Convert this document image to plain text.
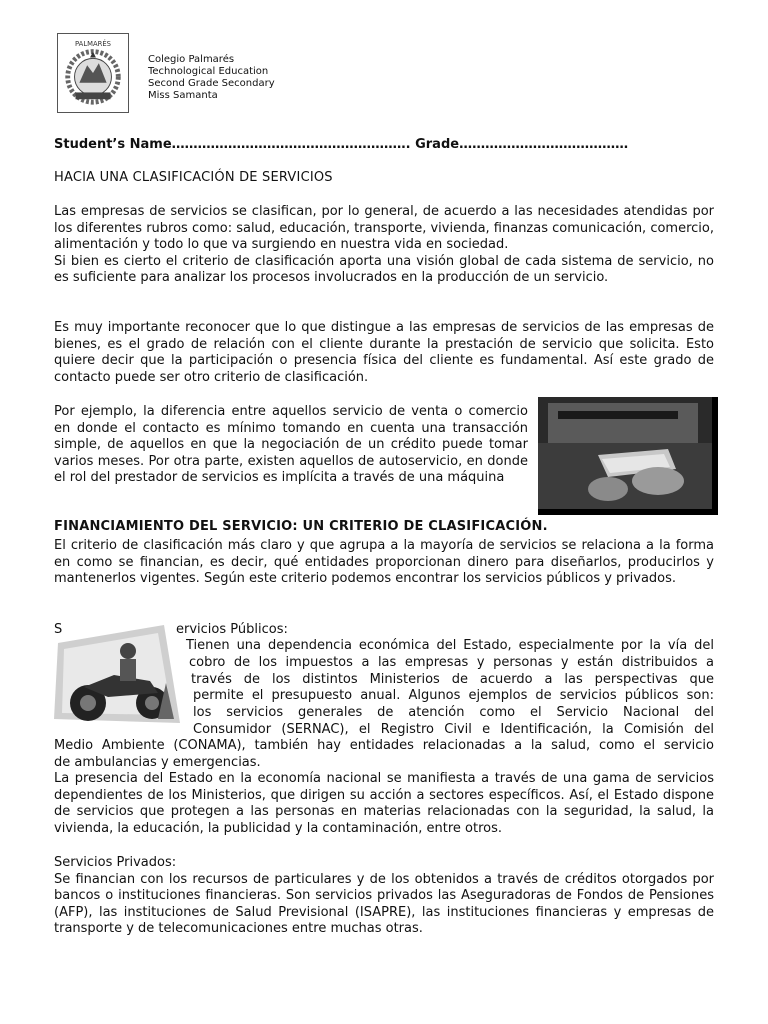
PALMARÉS
Colegio Palmarés
Technological Education
Second Grade Secondary
Miss Samanta
Student’s Name………………………………………………. Grade…………………………………
HACIA UNA CLASIFICACIÓN DE SERVICIOS

Las empresas de servicios se clasifican, por lo general, de acuerdo a las necesidades atendidas por los diferentes rubros como: salud, educación, transporte, vivienda, finanzas comunicación, comercio, alimentación y todo lo que va surgiendo en nuestra vida en sociedad.

Si bien es cierto el criterio de clasificación aporta una visión global de cada sistema de servicio, no es suficiente para analizar los procesos involucrados en la producción de un servicio.

Es muy importante reconocer que lo que distingue a las empresas de servicios de las empresas de bienes, es el grado de relación con el cliente durante la prestación de servicio que solicita. Esto quiere decir que la participación o presencia física del cliente es fundamental. Así este grado de contacto puede ser otro criterio de clasificación.

Por ejemplo, la diferencia entre aquellos servicio de venta o comercio en donde el contacto es mínimo tomando en cuenta una transacción simple, de aquellos en que la negociación de un crédito puede tomar varios meses. Por otra parte, existen aquellos de autoservicio, en donde el rol del prestador de servicios es implícita a través de una máquina

FINANCIAMIENTO DEL SERVICIO: UN CRITERIO DE CLASIFICACIÓN.

El criterio de clasificación más claro y que agrupa a la mayoría de servicios se relaciona a la forma en como se financian, es decir, qué entidades proporcionan dinero para diseñarlos, producirlos y mantenerlos vigentes. Según este criterio podemos encontrar los servicios públicos y privados.

S	ervicios Públicos:
Tienen una dependencia económica del Estado, especialmente por la vía del
cobro de los impuestos a las empresas y personas y están distribuidos a
través de los distintos Ministerios de acuerdo a las perspectivas que
permite el presupuesto anual. Algunos ejemplos de servicios públicos son:
los servicios generales de atención como el Servicio Nacional del
Consumidor (SERNAC), el Registro Civil e Identificación, la Comisión del
Medio Ambiente (CONAMA), también hay entidades relacionadas a la salud, como el servicio
de ambulancias y emergencias.

La presencia del Estado en la economía nacional se manifiesta a través de una gama de servicios dependientes de los Ministerios, que dirigen su acción a sectores específicos. Así, el Estado dispone de servicios que protegen a las personas en materias relacionadas con la seguridad, la salud, la vivienda, la educación, la publicidad y la contaminación, entre otros.

Servicios Privados:

Se financian con los recursos de particulares y de los obtenidos a través de créditos otorgados por bancos o instituciones financieras. Son servicios privados las Aseguradoras de Fondos de Pensiones (AFP), las instituciones de Salud Previsional (ISAPRE), las instituciones financieras y empresas de transporte y de telecomunicaciones entre muchas otras.
